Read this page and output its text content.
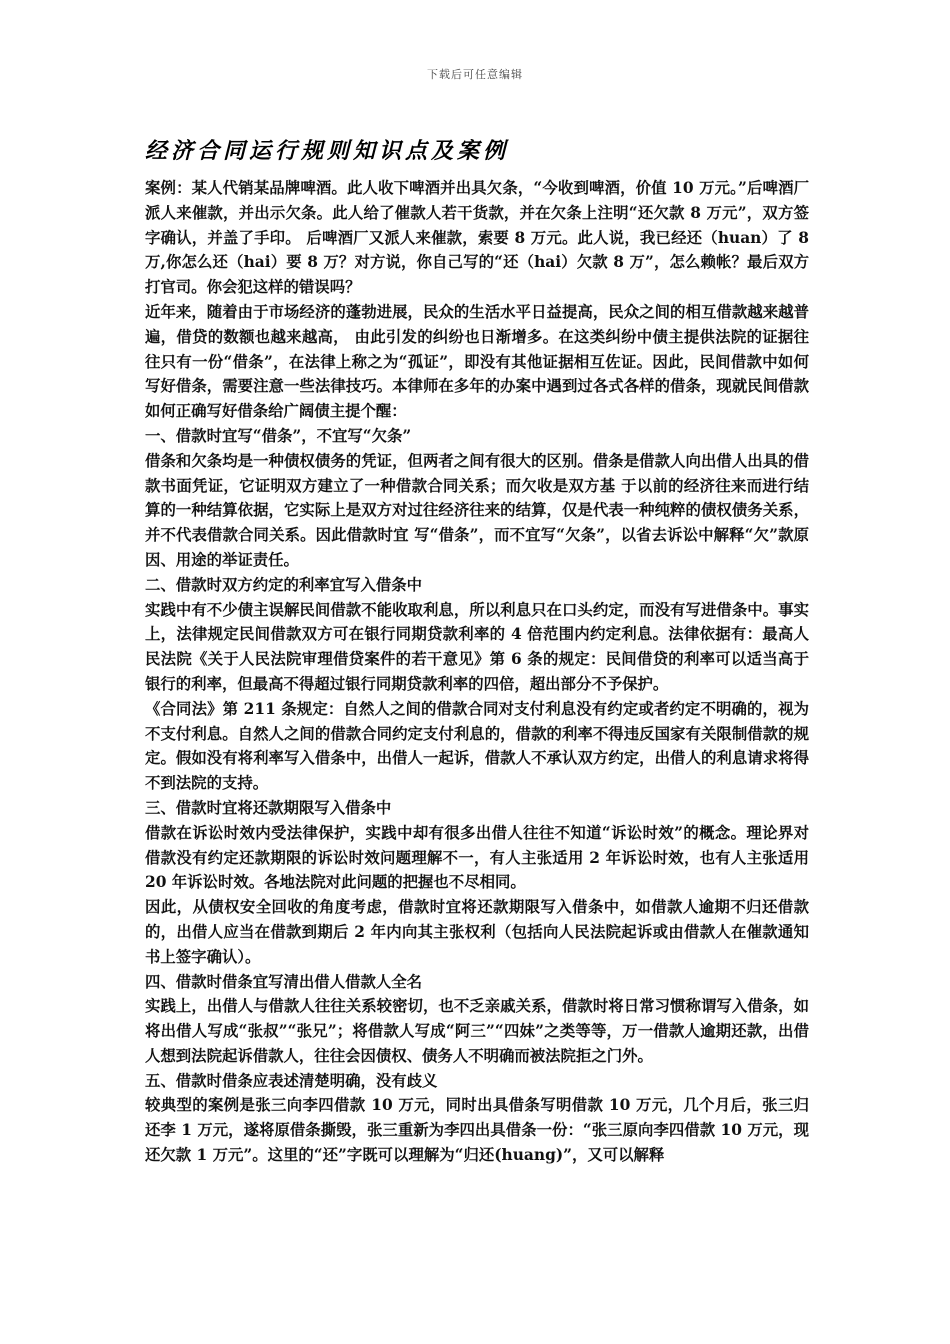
下载后可任意编辑
经济合同运行规则知识点及案例

案例：某人代销某品牌啤酒。此人收下啤酒并出具欠条，“今收到啤酒，价值 10 万元。”后啤酒厂派人来催款，并出示欠条。此人给了催款人若干货款，并在欠条上注明“还欠款 8 万元”，双方签字确认，并盖了手印。 后啤酒厂又派人来催款，索要 8 万元。此人说，我已经还（huan）了 8 万,你怎么还（hai）要 8 万？对方说，你自己写的“还（hai）欠款 8 万”，怎么赖帐？最后双方打官司。你会犯这样的错误吗？

近年来，随着由于市场经济的蓬勃进展，民众的生活水平日益提高，民众之间的相互借款越来越普遍，借贷的数额也越来越高， 由此引发的纠纷也日渐增多。在这类纠纷中债主提供法院的证据往往只有一份“借条”，在法律上称之为“孤证”，即没有其他证据相互佐证。因此，民间借款中如何写好借条，需要注意一些法律技巧。本律师在多年的办案中遇到过各式各样的借条，现就民间借款如何正确写好借条给广阔债主提个醒：

一、借款时宜写“借条”，不宜写“欠条”

借条和欠条均是一种债权债务的凭证，但两者之间有很大的区别。借条是借款人向出借人出具的借款书面凭证，它证明双方建立了一种借款合同关系；而欠收是双方基 于以前的经济往来而进行结算的一种结算依据，它实际上是双方对过往经济往来的结算，仅是代表一种纯粹的债权债务关系，并不代表借款合同关系。因此借款时宜 写“借条”，而不宜写“欠条”，以省去诉讼中解释“欠”款原因、用途的举证责任。

二、借款时双方约定的利率宜写入借条中

实践中有不少债主误解民间借款不能收取利息，所以利息只在口头约定，而没有写进借条中。事实上，法律规定民间借款双方可在银行同期贷款利率的 4 倍范围内约定利息。法律依据有：最高人民法院《关于人民法院审理借贷案件的若干意见》第 6 条的规定：民间借贷的利率可以适当高于银行的利率，但最高不得超过银行同期贷款利率的四倍，超出部分不予保护。

《合同法》第 211 条规定：自然人之间的借款合同对支付利息没有约定或者约定不明确的，视为不支付利息。自然人之间的借款合同约定支付利息的，借款的利率不得违反国家有关限制借款的规定。假如没有将利率写入借条中，出借人一起诉，借款人不承认双方约定，出借人的利息请求将得不到法院的支持。

三、借款时宜将还款期限写入借条中

借款在诉讼时效内受法律保护，实践中却有很多出借人往往不知道“诉讼时效”的概念。理论界对借款没有约定还款期限的诉讼时效问题理解不一，有人主张适用 2 年诉讼时效，也有人主张适用 20 年诉讼时效。各地法院对此问题的把握也不尽相同。

因此，从债权安全回收的角度考虑，借款时宜将还款期限写入借条中，如借款人逾期不归还借款的，出借人应当在借款到期后 2 年内向其主张权利（包括向人民法院起诉或由借款人在催款通知书上签字确认）。

四、借款时借条宜写清出借人借款人全名

实践上，出借人与借款人往往关系较密切，也不乏亲戚关系，借款时将日常习惯称谓写入借条，如将出借人写成“张叔”“张兄”；将借款人写成“阿三”“四妹”之类等等，万一借款人逾期还款，出借人想到法院起诉借款人，往往会因债权、债务人不明确而被法院拒之门外。

五、借款时借条应表述清楚明确，没有歧义

较典型的案例是张三向李四借款 10 万元，同时出具借条写明借款 10 万元，几个月后，张三归还李 1 万元，遂将原借条撕毁，张三重新为李四出具借条一份：“张三原向李四借款 10 万元，现还欠款 1 万元”。这里的“还”字既可以理解为“归还(huang)”，又可以解释
